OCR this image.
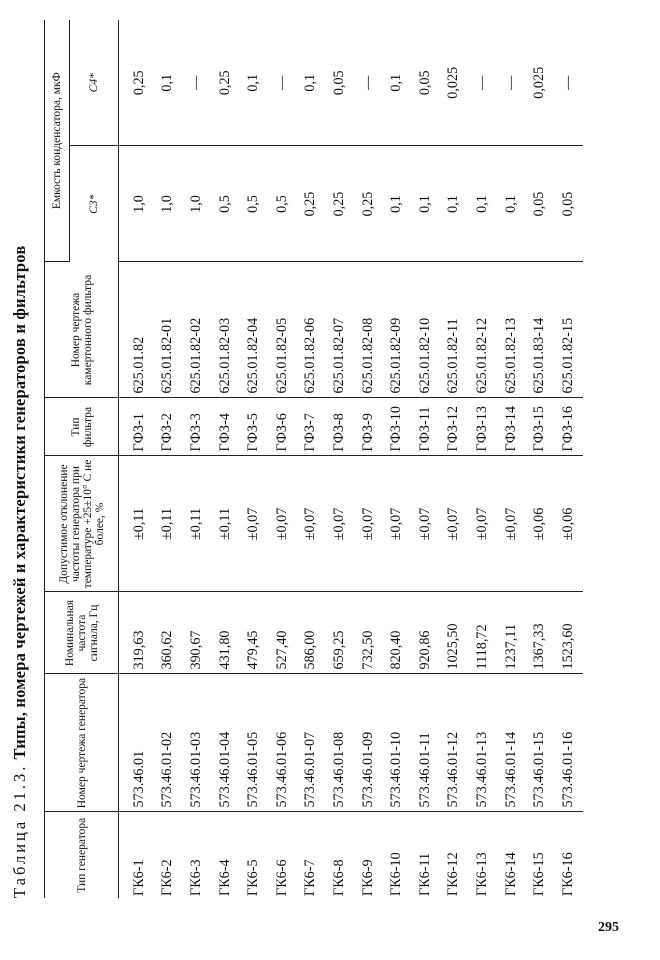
Таблица 21.3. Типы, номера чертежей и характеристики генераторов и фильтров
Тип генератора	Номер чертежа генератора	Номинальная частота сигнала, Гц	Допустимое отклонение частоты генератора при температуре +25±10° С не более, %	Тип фильтра	Номер чертежа камертонного фильтра	Емкость конденсатора, мкФ	
						С3*	С4*
ГК6-1	573.46.01	319,63	±0,11	ГФЗ-1	625.01.82	1,0	0,25
ГК6-2	573.46.01-02	360,62	±0,11	ГФЗ-2	625.01.82-01	1,0	0,1
ГК6-3	573.46.01-03	390,67	±0,11	ГФЗ-3	625.01.82-02	1,0	—
ГК6-4	573.46.01-04	431,80	±0,11	ГФЗ-4	625.01.82-03	0,5	0,25
ГК6-5	573.46.01-05	479,45	±0,07	ГФЗ-5	625.01.82-04	0,5	0,1
ГК6-6	573.46.01-06	527,40	±0,07	ГФЗ-6	625.01.82-05	0,5	—
ГК6-7	573.46.01-07	586,00	±0,07	ГФЗ-7	625.01.82-06	0,25	0,1
ГК6-8	573.46.01-08	659,25	±0,07	ГФЗ-8	625.01.82-07	0,25	0,05
ГК6-9	573.46.01-09	732,50	±0,07	ГФЗ-9	625.01.82-08	0,25	—
ГК6-10	573.46.01-10	820,40	±0,07	ГФЗ-10	625.01.82-09	0,1	0,1
ГК6-11	573.46.01-11	920,86	±0,07	ГФЗ-11	625.01.82-10	0,1	0,05
ГК6-12	573.46.01-12	1025,50	±0,07	ГФЗ-12	625.01.82-11	0,1	0,025
ГК6-13	573.46.01-13	1118,72	±0,07	ГФЗ-13	625.01.82-12	0,1	—
ГК6-14	573.46.01-14	1237,11	±0,07	ГФЗ-14	625.01.82-13	0,1	—
ГК6-15	573.46.01-15	1367,33	±0,06	ГФЗ-15	625.01.83-14	0,05	0,025
ГК6-16	573.46.01-16	1523,60	±0,06	ГФЗ-16	625.01.82-15	0,05	—
295
